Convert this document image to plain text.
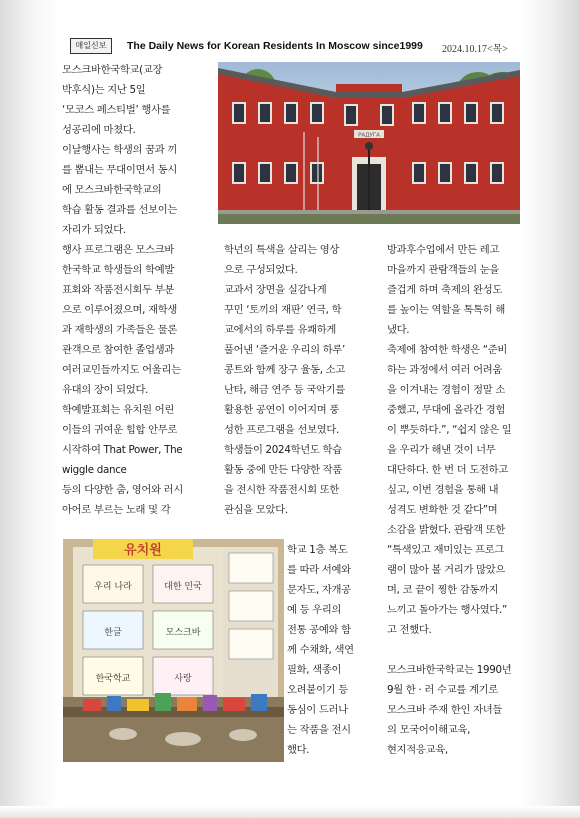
매일신보	The Daily News for Korean Residents In Moscow since1999 2024.10.17<목>

모스크바한국학교(교장

박후식)는 지난 5일

‘모코스 페스티벌’ 행사를

성공리에 마쳤다.

이날행사는 학생의 꿈과 끼

를 뽐내는 무대이면서 동시

에 모스크바한국학교의

학습 활동 결과를 선보이는

자리가 되었다.

행사 프로그램은 모스크바

한국학교 학생들의 학예발

표회와 작품전시회두 부분

으로 이루어졌으며, 재학생

과 재학생의 가족들은 물론

관객으로 참여한 졸업생과

여러교민들까지도 어울리는

유대의 장이 되었다.

학예발표회는 유치원 어린

이들의 귀여운 힙합 안무로

시작하여 That Power, The

wiggle dance

등의 다양한 춤, 영어와 러시

아어로 부르는 노래 및 각

РАДУГА

학년의 특색을 살리는 영상

으로 구성되었다.

교과서 장면을 실감나게

꾸민 ‘토끼의 재판’ 연극, 학

교에서의 하루를 유쾌하게

풀어낸 ‘즐거운 우리의 하루’

콩트와 함께 장구 율동, 소고

난타, 해금 연주 등 국악기를

활용한 공연이 이어지며 풍

성한 프로그램을 선보였다.

학생들이 2024학년도 학습

활동 중에 만든 다양한 작품

을 전시한 작품전시회 또한

관심을 모았다.

방과후수업에서 만든 레고

마을까지 관람객들의 눈을

즐겁게 하며 축제의 완성도

를 높이는 역할을 톡톡히 해

냈다.

축제에 참여한 학생은 “준비

하는 과정에서 여러 어려움

을 이겨내는 경험이 정말 소

중했고, 무대에 올라간 경험

이 뿌듯하다.”, “쉽지 않은 일

을 우리가 해낸 것이 너무

대단하다. 한 번 더 도전하고

싶고, 이번 경험을 통해 내

성격도 변화한 것 같다”며

소감을 밝혔다. 관람객 또한

“특색있고 재미있는 프로그

램이 많아 볼 거리가 많았으

며, 코 끝이 찡한 감동까지

느끼고 돌아가는 행사였다.”

고 전했다.

모스크바한국학교는 1990년

9월 한 · 러 수교를 계기로

모스크바 주재 한인 자녀들

의 모국어이해교육,

현지적응교육,

유치원
우리 나라	대한 민국
한글	모스크바
한국학교	사랑

학교 1층 복도

를 따라 서예와

문자도, 자개공

예 등 우리의

전통 공예와 함

께 수채화, 색연

필화, 색종이

오려붙이기 등

동심이 드러나

는 작품을 전시

했다.
